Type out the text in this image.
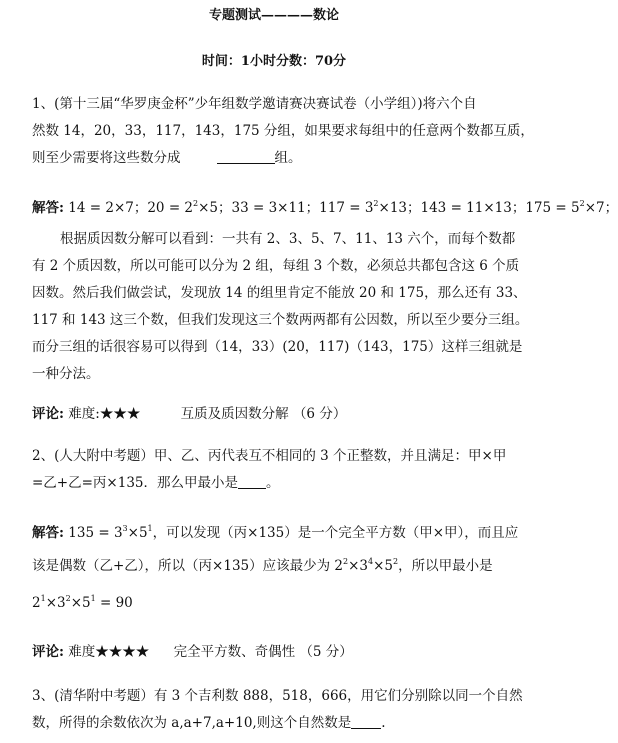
专题测试————数论
时间：1小时分数：70分
1、(第十三届“华罗庚金杯”少年组数学邀请赛决赛试卷（小学组）)将六个自
然数 14，20，33，117，143，175 分组，如果要求每组中的任意两个数都互质，
则至少需要将这些数分成	组。
解答: 14 = 2×7；$20 = 2^2\times 5$；33 = 3×11；$117 = 3^2\times 13$；143 = 11×13；$175 = 5^2\times 7$；
根据质因数分解可以看到：一共有 2、3、5、7、11、13 六个，而每个数都
有 2 个质因数，所以可能可以分为 2 组，每组 3 个数，必须总共都包含这 6 个质
因数。然后我们做尝试，发现放 14 的组里肯定不能放 20 和 175，那么还有 33、
117 和 143 这三个数，但我们发现这三个数两两都有公因数，所以至少要分三组。
而分三组的话很容易可以得到（14，33）(20，117)（143，175）这样三组就是
一种分法。
评论: 难度:★★★	互质及质因数分解 （6 分）
2、(人大附中考题）甲、乙、丙代表互不相同的 3 个正整数，并且满足：甲×甲
=乙+乙=丙×135．那么甲最小是 。
解答: $135 = 3^3\times 5^1$，可以发现（丙×135）是一个完全平方数（甲×甲），而且应
该是偶数（乙+乙），所以（丙×135）应该最少为 $2^2\times 3^4\times 5^2$，所以甲最小是
$2^1\times 3^2\times 5^1 = 90$
评论: 难度★★★★ 完全平方数、奇偶性 （5 分）
3、(清华附中考题）有 3 个吉利数 888，518，666，用它们分别除以同一个自然
数，所得的余数依次为 a,a+7,a+10,则这个自然数是 .
